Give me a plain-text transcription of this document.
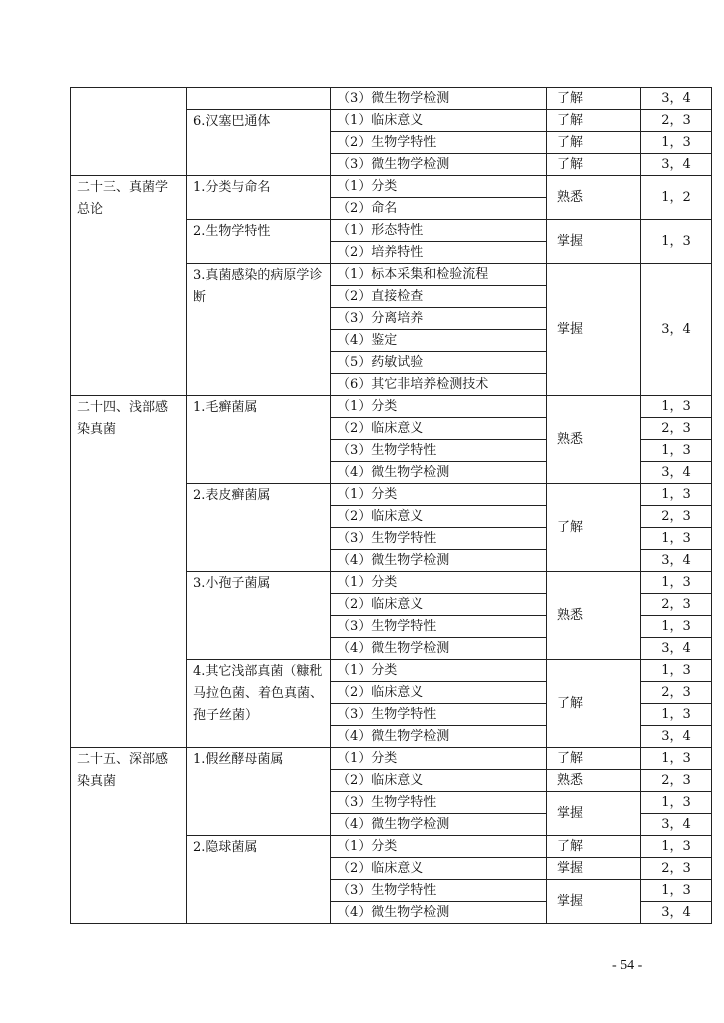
		（3）微生物学检测	了解	3，4
	6.汉塞巴通体	（1）临床意义	了解	2，3
		（2）生物学特性	了解	1，3
		（3）微生物学检测	了解	3，4
二十三、真菌学总论	1.分类与命名	（1）分类	熟悉	1，2
		（2）命名		
	2.生物学特性	（1）形态特性	掌握	1，3
		（2）培养特性		
	3.真菌感染的病原学诊断	（1）标本采集和检验流程	掌握	3，4
		（2）直接检查		
		（3）分离培养		
		（4）鉴定		
		（5）药敏试验		
		（6）其它非培养检测技术		
二十四、浅部感染真菌	1.毛癣菌属	（1）分类	熟悉	1，3
		（2）临床意义		2，3
		（3）生物学特性		1，3
		（4）微生物学检测		3，4
	2.表皮癣菌属	（1）分类	了解	1，3
		（2）临床意义		2，3
		（3）生物学特性		1，3
		（4）微生物学检测		3，4
	3.小孢子菌属	（1）分类	熟悉	1，3
		（2）临床意义		2，3
		（3）生物学特性		1，3
		（4）微生物学检测		3，4
	4.其它浅部真菌（糠秕马拉色菌、着色真菌、孢子丝菌）	（1）分类	了解	1，3
		（2）临床意义		2，3
		（3）生物学特性		1，3
		（4）微生物学检测		3，4
二十五、深部感染真菌	1.假丝酵母菌属	（1）分类	了解	1，3
		（2）临床意义	熟悉	2，3
		（3）生物学特性	掌握	1，3
		（4）微生物学检测		3，4
	2.隐球菌属	（1）分类	了解	1，3
		（2）临床意义	掌握	2，3
		（3）生物学特性	掌握	1，3
		（4）微生物学检测		3，4
- 54 -
